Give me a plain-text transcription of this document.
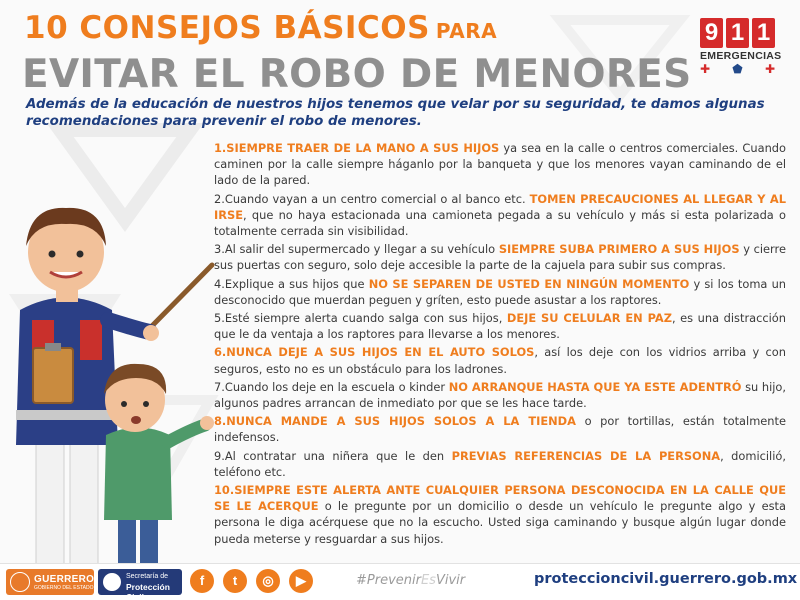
10 CONSEJOS BÁSICOS PARA
EVITAR EL ROBO DE MENORES
9 1 1
EMERGENCIAS
✚ ⬟ ✚
Además de la educación de nuestros hijos tenemos que velar por su seguridad, te damos algunas recomendaciones para prevenir el robo de menores.
1.SIEMPRE TRAER DE LA MANO A SUS HIJOS ya sea en la calle o centros comerciales. Cuando caminen por la calle siempre háganlo por la banqueta y que los menores vayan caminando de el lado de la pared.
2.Cuando vayan a un centro comercial o al banco etc. TOMEN PRECAUCIONES AL LLEGAR Y AL IRSE, que no haya estacionada una camioneta pegada a su vehículo y más si esta polarizada o totalmente cerrada sin visibilidad.
3.Al salir del supermercado y llegar a su vehículo SIEMPRE SUBA PRIMERO A SUS HIJOS y cierre sus puertas con seguro, solo deje accesible la parte de la cajuela para subir sus compras.
4.Explique a sus hijos que NO SE SEPAREN DE USTED EN NINGÚN MOMENTO y si los toma un desconocido que muerdan peguen y gríten, esto puede asustar a los raptores.
5.Esté siempre alerta cuando salga con sus hijos, DEJE SU CELULAR EN PAZ, es una distracción que le da ventaja a los raptores para llevarse a los menores.
6.NUNCA DEJE A SUS HIJOS EN EL AUTO SOLOS, así los deje con los vidrios arriba y con seguros, esto no es un obstáculo para los ladrones.
7.Cuando los deje en la escuela o kinder NO ARRANQUE HASTA QUE YA ESTE ADENTRÓ su hijo, algunos padres arrancan de inmediato por que se les hace tarde.
8.NUNCA MANDE A SUS HIJOS SOLOS A LA TIENDA o por tortillas, están totalmente indefensos.
9.Al contratar una niñera que le den PREVIAS REFERENCIAS DE LA PERSONA, domicilió, teléfono etc.
10.SIEMPRE ESTE ALERTA ANTE CUALQUIER PERSONA DESCONOCIDA EN LA CALLE QUE SE LE ACERQUE o le pregunte por un domicilio o desde un vehículo le pregunte algo y esta persona le diga acérquese que no la escucho. Usted siga caminando y busque algún lugar donde pueda meterse y resguardar a sus hijos.
GUERRERO
GOBIERNO DEL ESTADO
Secretaría de
Protección Civil
f	t	◎	▶	#PrevenirEsVivir	proteccioncivil.guerrero.gob.mx
